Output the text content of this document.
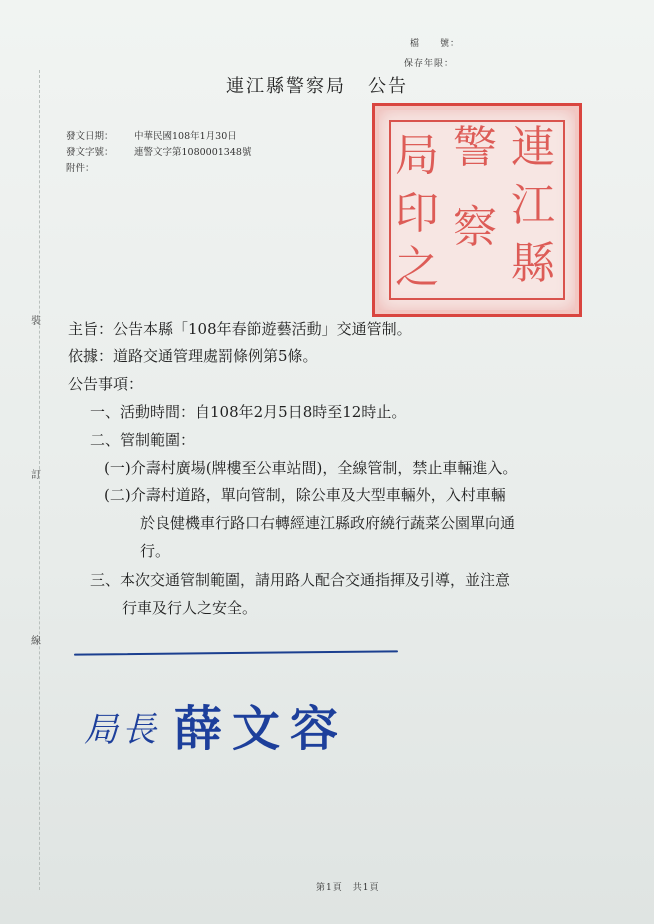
裝
訂
線
檔　　號：
保存年限：
連江縣警察局 公告
發文日期： 中華民國108年1月30日
發文字號： 連警文字第1080001348號
附件：	連
江
縣
警
察
局
印
之
主旨：公告本縣「108年春節遊藝活動」交通管制。
依據：道路交通管理處罰條例第5條。
公告事項：
一、活動時間：自108年2月5日8時至12時止。
二、管制範圍：
(一)介壽村廣場(牌樓至公車站間)，全線管制，禁止車輛進入。
(二)介壽村道路，單向管制，除公車及大型車輛外，入村車輛
於良健機車行路口右轉經連江縣政府繞行蔬菜公園單向通
行。
三、本次交通管制範圍，請用路人配合交通指揮及引導，並注意
行車及行人之安全。
局長 薛文容
第1頁　共1頁
